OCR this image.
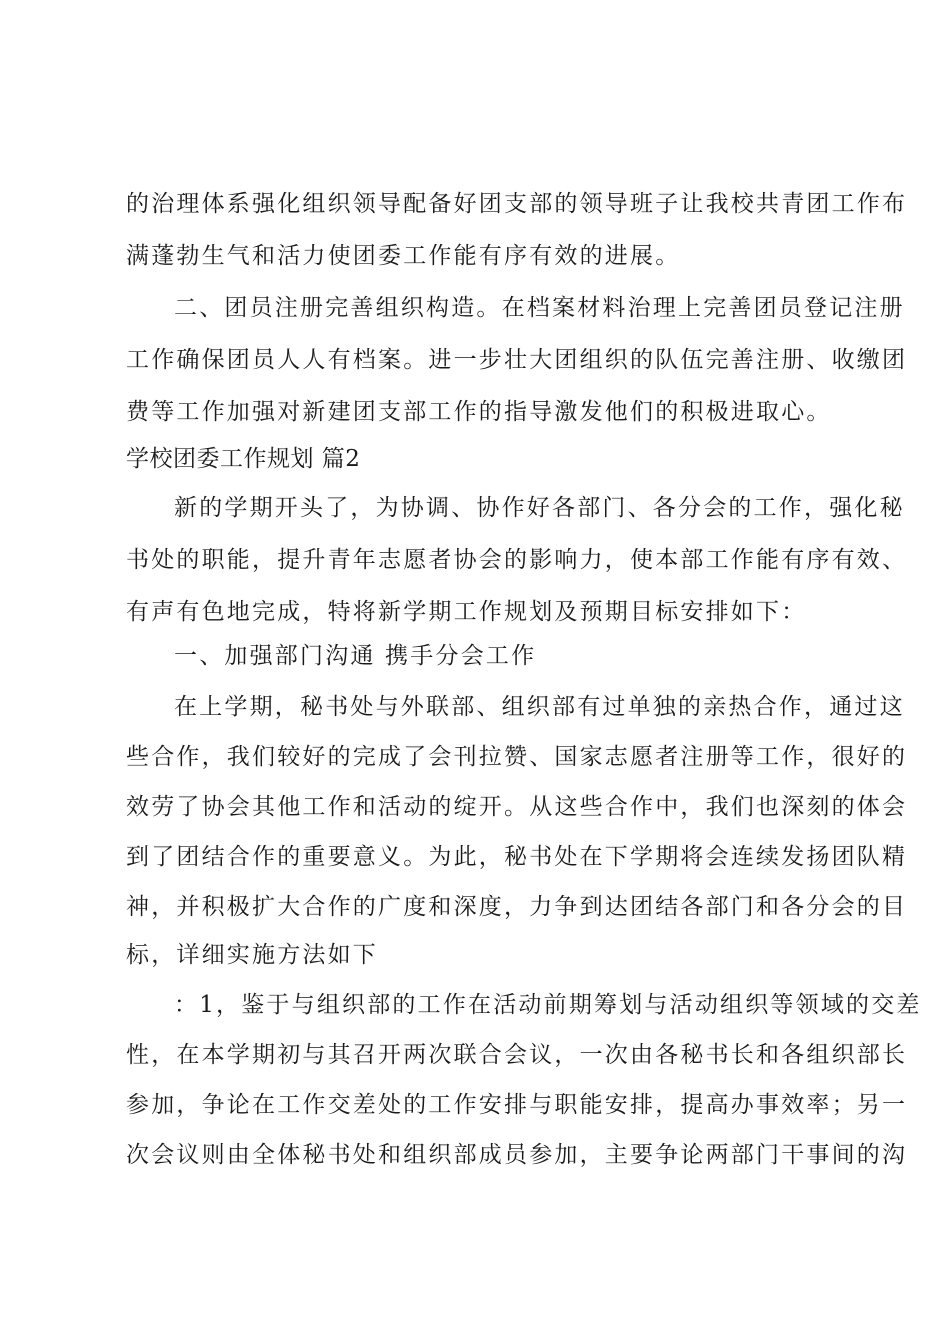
的治理体系强化组织领导配备好团支部的领导班子让我校共青团工作布
满蓬勃生气和活力使团委工作能有序有效的进展。
二、团员注册完善组织构造。在档案材料治理上完善团员登记注册
工作确保团员人人有档案。进一步壮大团组织的队伍完善注册、收缴团
费等工作加强对新建团支部工作的指导激发他们的积极进取心。
学校团委工作规划 篇2
新的学期开头了，为协调、协作好各部门、各分会的工作，强化秘
书处的职能，提升青年志愿者协会的影响力，使本部工作能有序有效、
有声有色地完成，特将新学期工作规划及预期目标安排如下：
一、加强部门沟通 携手分会工作
在上学期，秘书处与外联部、组织部有过单独的亲热合作，通过这
些合作，我们较好的完成了会刊拉赞、国家志愿者注册等工作，很好的
效劳了协会其他工作和活动的绽开。从这些合作中，我们也深刻的体会
到了团结合作的重要意义。为此，秘书处在下学期将会连续发扬团队精
神，并积极扩大合作的广度和深度，力争到达团结各部门和各分会的目
标，详细实施方法如下
：1，鉴于与组织部的工作在活动前期筹划与活动组织等领域的交差
性，在本学期初与其召开两次联合会议，一次由各秘书长和各组织部长
参加，争论在工作交差处的工作安排与职能安排，提高办事效率；另一
次会议则由全体秘书处和组织部成员参加，主要争论两部门干事间的沟
